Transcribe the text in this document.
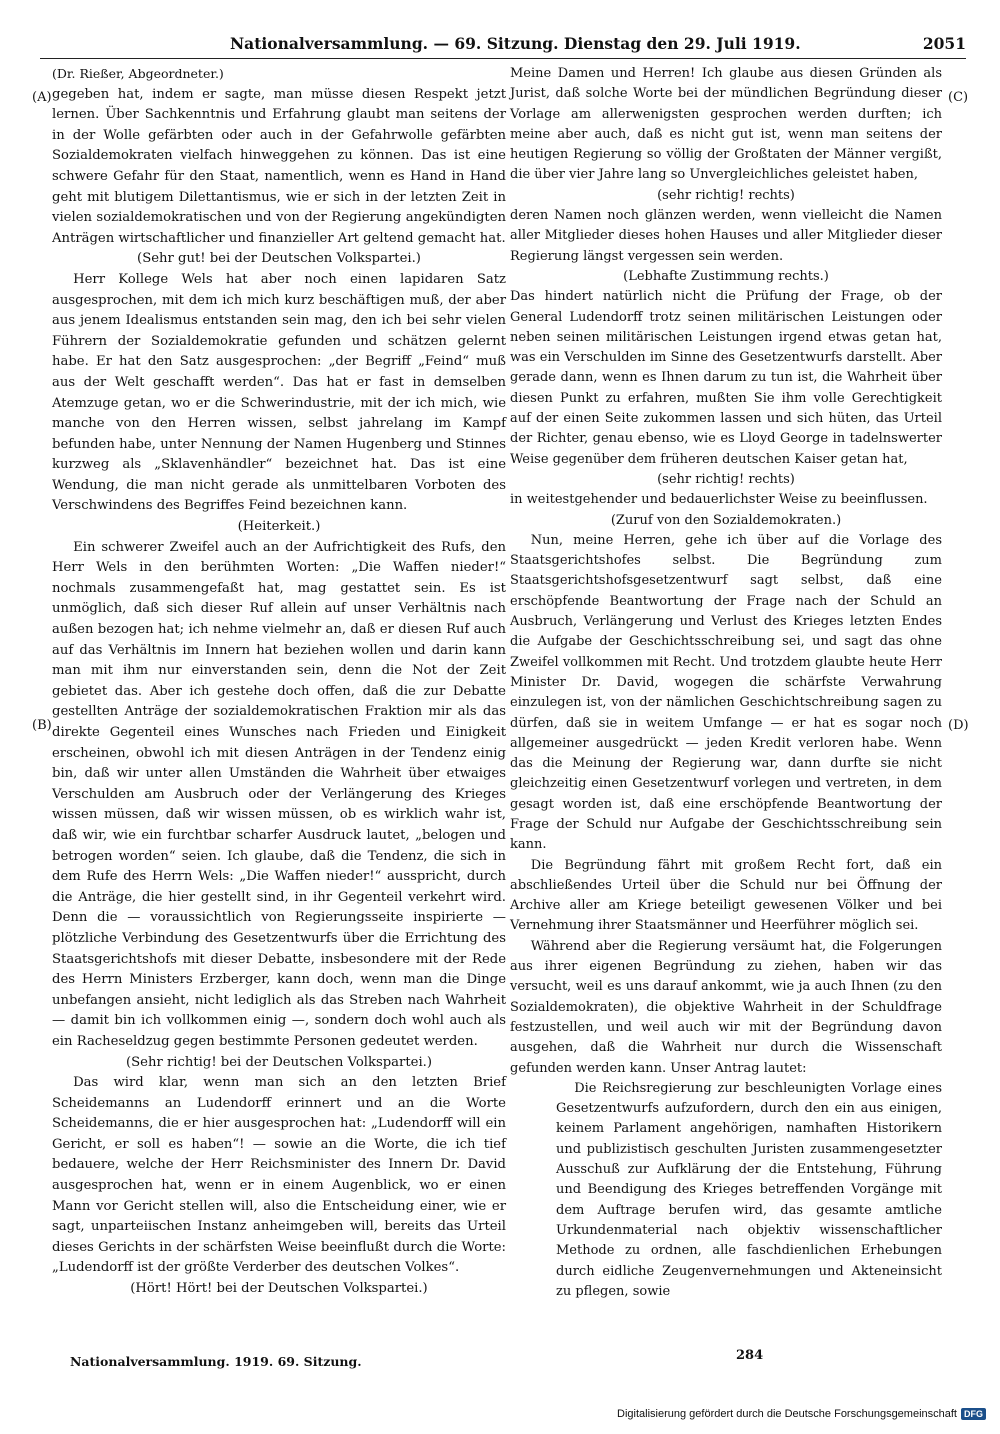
Nationalversammlung. — 69. Sitzung. Dienstag den 29. Juli 1919.	2051
(A)
(B)
(C)
(D)

(Dr. Rießer, Abgeordneter.)

gegeben hat, indem er sagte, man müsse diesen Respekt jetzt lernen. Über Sachkenntnis und Erfahrung glaubt man seitens der in der Wolle gefärbten oder auch in der Gefahrwolle gefärbten Sozialdemokraten vielfach hinweggehen zu können. Das ist eine schwere Gefahr für den Staat, namentlich, wenn es Hand in Hand geht mit blutigem Dilettantismus, wie er sich in der letzten Zeit in vielen sozialdemokratischen und von der Regierung angekündigten Anträgen wirtschaftlicher und finanzieller Art geltend gemacht hat.

(Sehr gut! bei der Deutschen Volkspartei.)

Herr Kollege Wels hat aber noch einen lapidaren Satz ausgesprochen, mit dem ich mich kurz beschäftigen muß, der aber aus jenem Idealismus entstanden sein mag, den ich bei sehr vielen Führern der Sozialdemokratie gefunden und schätzen gelernt habe. Er hat den Satz ausgesprochen: „der Begriff „Feind“ muß aus der Welt geschafft werden“. Das hat er fast in demselben Atemzuge getan, wo er die Schwerindustrie, mit der ich mich, wie manche von den Herren wissen, selbst jahrelang im Kampf befunden habe, unter Nennung der Namen Hugenberg und Stinnes kurzweg als „Sklavenhändler“ bezeichnet hat. Das ist eine Wendung, die man nicht gerade als unmittelbaren Vorboten des Verschwindens des Begriffes Feind bezeichnen kann.

(Heiterkeit.)

Ein schwerer Zweifel auch an der Aufrichtigkeit des Rufs, den Herr Wels in den berühmten Worten: „Die Waffen nieder!“ nochmals zusammengefaßt hat, mag gestattet sein. Es ist unmöglich, daß sich dieser Ruf allein auf unser Verhältnis nach außen bezogen hat; ich nehme vielmehr an, daß er diesen Ruf auch auf das Verhältnis im Innern hat beziehen wollen und darin kann man mit ihm nur einverstanden sein, denn die Not der Zeit gebietet das. Aber ich gestehe doch offen, daß die zur Debatte gestellten Anträge der sozialdemokratischen Fraktion mir als das direkte Gegenteil eines Wunsches nach Frieden und Einigkeit erscheinen, obwohl ich mit diesen Anträgen in der Tendenz einig bin, daß wir unter allen Umständen die Wahrheit über etwaiges Verschulden am Ausbruch oder der Verlängerung des Krieges wissen müssen, daß wir wissen müssen, ob es wirklich wahr ist, daß wir, wie ein furchtbar scharfer Ausdruck lautet, „belogen und betrogen worden“ seien. Ich glaube, daß die Tendenz, die sich in dem Rufe des Herrn Wels: „Die Waffen nieder!“ ausspricht, durch die Anträge, die hier gestellt sind, in ihr Gegenteil verkehrt wird. Denn die — voraussichtlich von Regierungsseite inspirierte — plötzliche Verbindung des Gesetzentwurfs über die Errichtung des Staatsgerichtshofs mit dieser Debatte, insbesondere mit der Rede des Herrn Ministers Erzberger, kann doch, wenn man die Dinge unbefangen ansieht, nicht lediglich als das Streben nach Wahrheit — damit bin ich vollkommen einig —, sondern doch wohl auch als ein Racheseldzug gegen bestimmte Personen gedeutet werden.

(Sehr richtig! bei der Deutschen Volkspartei.)

Das wird klar, wenn man sich an den letzten Brief Scheidemanns an Ludendorff erinnert und an die Worte Scheidemanns, die er hier ausgesprochen hat: „Ludendorff will ein Gericht, er soll es haben“! — sowie an die Worte, die ich tief bedauere, welche der Herr Reichsminister des Innern Dr. David ausgesprochen hat, wenn er in einem Augenblick, wo er einen Mann vor Gericht stellen will, also die Entscheidung einer, wie er sagt, unparteiischen Instanz anheimgeben will, bereits das Urteil dieses Gerichts in der schärfsten Weise beeinflußt durch die Worte: „Ludendorff ist der größte Verderber des deutschen Volkes“.

(Hört! Hört! bei der Deutschen Volkspartei.)

Meine Damen und Herren! Ich glaube aus diesen Gründen als Jurist, daß solche Worte bei der mündlichen Begründung dieser Vorlage am allerwenigsten gesprochen werden durften; ich meine aber auch, daß es nicht gut ist, wenn man seitens der heutigen Regierung so völlig der Großtaten der Männer vergißt, die über vier Jahre lang so Unvergleichliches geleistet haben,

(sehr richtig! rechts)

deren Namen noch glänzen werden, wenn vielleicht die Namen aller Mitglieder dieses hohen Hauses und aller Mitglieder dieser Regierung längst vergessen sein werden.

(Lebhafte Zustimmung rechts.)

Das hindert natürlich nicht die Prüfung der Frage, ob der General Ludendorff trotz seinen militärischen Leistungen oder neben seinen militärischen Leistungen irgend etwas getan hat, was ein Verschulden im Sinne des Gesetzentwurfs darstellt. Aber gerade dann, wenn es Ihnen darum zu tun ist, die Wahrheit über diesen Punkt zu erfahren, mußten Sie ihm volle Gerechtigkeit auf der einen Seite zukommen lassen und sich hüten, das Urteil der Richter, genau ebenso, wie es Lloyd George in tadelnswerter Weise gegenüber dem früheren deutschen Kaiser getan hat,

(sehr richtig! rechts)

in weitestgehender und bedauerlichster Weise zu beeinflussen.

(Zuruf von den Sozialdemokraten.)

Nun, meine Herren, gehe ich über auf die Vorlage des Staatsgerichtshofes selbst. Die Begründung zum Staatsgerichtshofsgesetzentwurf sagt selbst, daß eine erschöpfende Beantwortung der Frage nach der Schuld an Ausbruch, Verlängerung und Verlust des Krieges letzten Endes die Aufgabe der Geschichtsschreibung sei, und sagt das ohne Zweifel vollkommen mit Recht. Und trotzdem glaubte heute Herr Minister Dr. David, wogegen die schärfste Verwahrung einzulegen ist, von der nämlichen Geschichtschreibung sagen zu dürfen, daß sie in weitem Umfange — er hat es sogar noch allgemeiner ausgedrückt — jeden Kredit verloren habe. Wenn das die Meinung der Regierung war, dann durfte sie nicht gleichzeitig einen Gesetzentwurf vorlegen und vertreten, in dem gesagt worden ist, daß eine erschöpfende Beantwortung der Frage der Schuld nur Aufgabe der Geschichtsschreibung sein kann.

Die Begründung fährt mit großem Recht fort, daß ein abschließendes Urteil über die Schuld nur bei Öffnung der Archive aller am Kriege beteiligt gewesenen Völker und bei Vernehmung ihrer Staatsmänner und Heerführer möglich sei.

Während aber die Regierung versäumt hat, die Folgerungen aus ihrer eigenen Begründung zu ziehen, haben wir das versucht, weil es uns darauf ankommt, wie ja auch Ihnen (zu den Sozialdemokraten), die objektive Wahrheit in der Schuldfrage festzustellen, und weil auch wir mit der Begründung davon ausgehen, daß die Wahrheit nur durch die Wissenschaft gefunden werden kann. Unser Antrag lautet:

Die Reichsregierung zur beschleunigten Vorlage eines Gesetzentwurfs aufzufordern, durch den ein aus einigen, keinem Parlament angehörigen, namhaften Historikern und publizistisch geschulten Juristen zusammengesetzter Ausschuß zur Aufklärung der die Entstehung, Führung und Beendigung des Krieges betreffenden Vorgänge mit dem Auftrage berufen wird, das gesamte amtliche Urkundenmaterial nach objektiv wissenschaftlicher Methode zu ordnen, alle faschdienlichen Erhebungen durch eidliche Zeugenvernehmungen und Akteneinsicht zu pflegen, sowie

Nationalversammlung. 1919. 69. Sitzung.	284
Digitalisierung gefördert durch die Deutsche Forschungsgemeinschaft DFG
